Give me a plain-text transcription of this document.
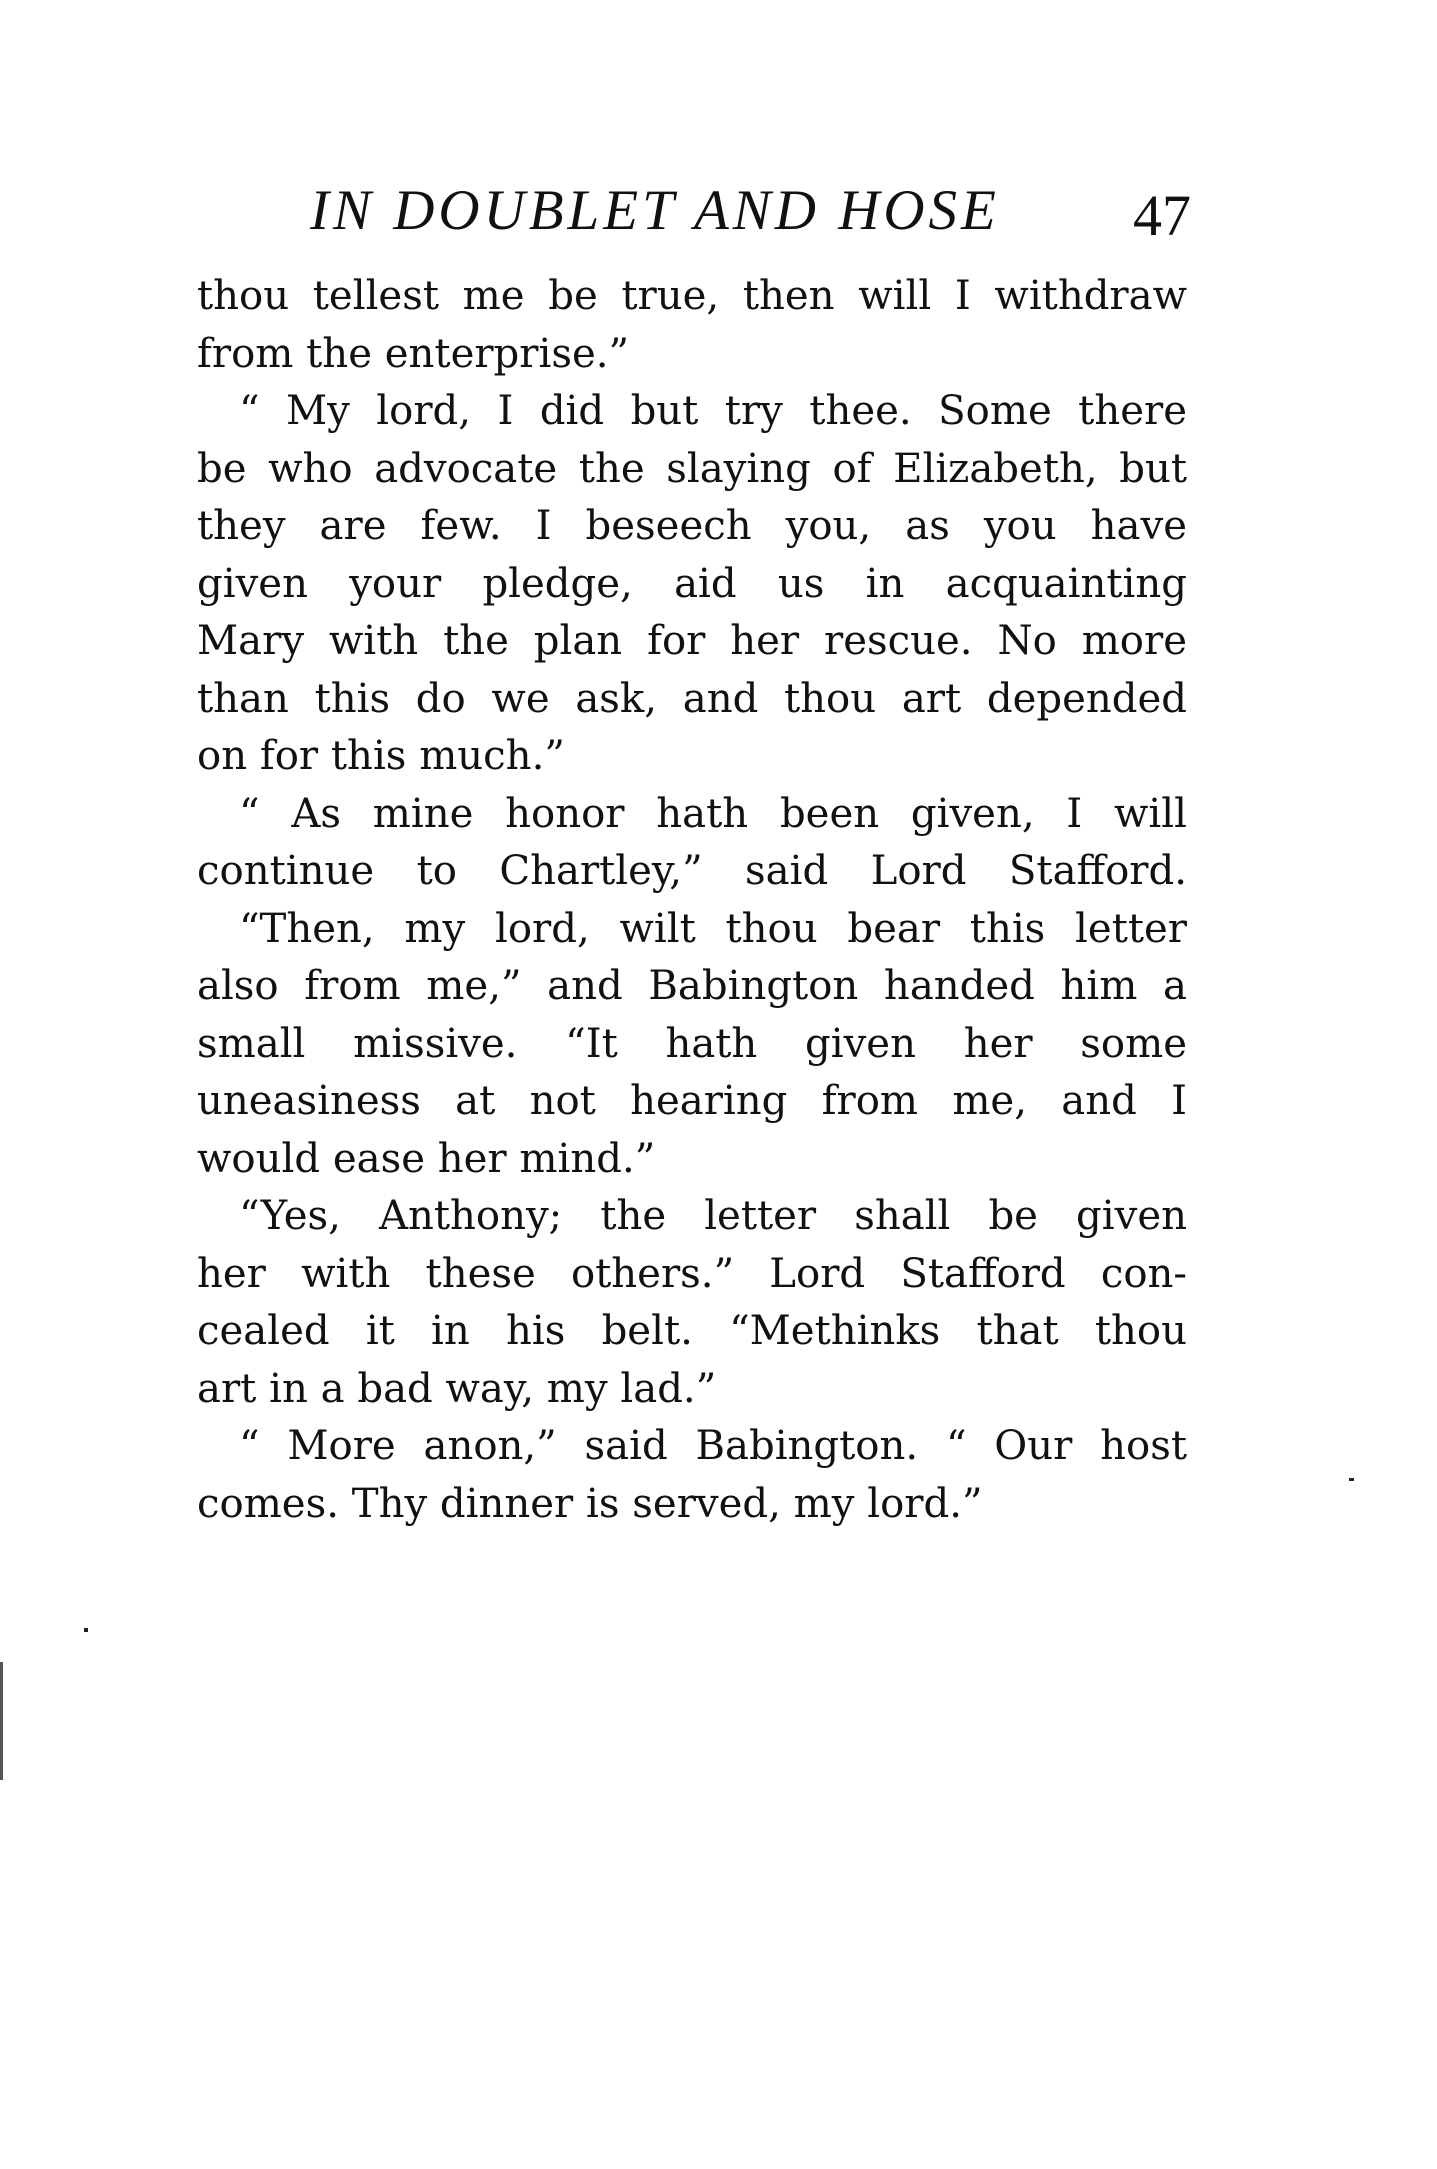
IN DOUBLET AND HOSE 47
thou tellest me be true, then will I withdraw
from the enterprise.”
“ My lord, I did but try thee. Some there
be who advocate the slaying of Elizabeth, but
they are few. I beseech you, as you have
given your pledge, aid us in acquainting
Mary with the plan for her rescue. No more
than this do we ask, and thou art depended
on for this much.”
“ As mine honor hath been given, I will
continue to Chartley,” said Lord Stafford.
“Then, my lord, wilt thou bear this letter
also from me,” and Babington handed him a
small missive. “It hath given her some
uneasiness at not hearing from me, and I
would ease her mind.”
“Yes, Anthony; the letter shall be given
her with these others.” Lord Stafford con-
cealed it in his belt. “Methinks that thou
art in a bad way, my lad.”
“ More anon,” said Babington. “ Our host
comes. Thy dinner is served, my lord.”
